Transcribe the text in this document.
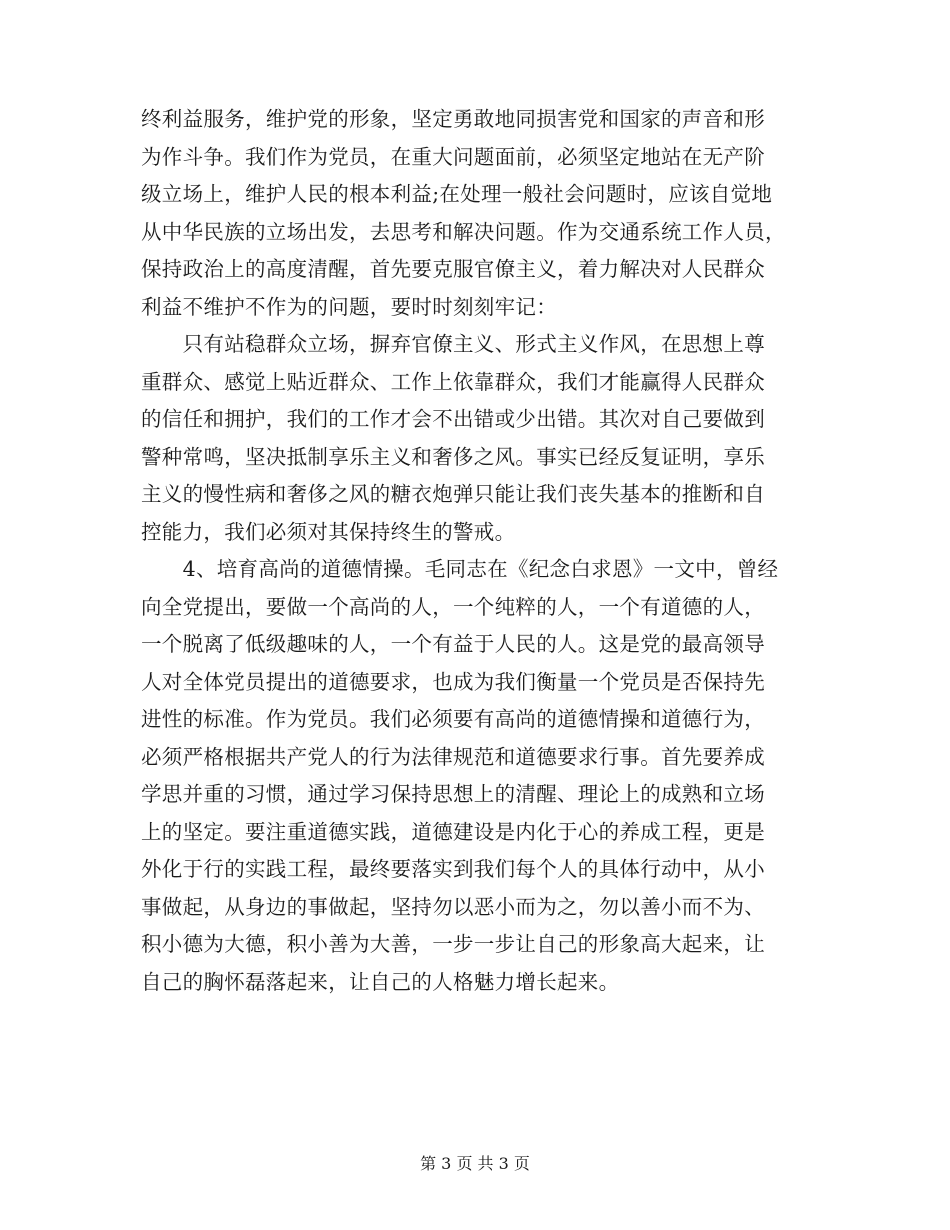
终利益服务，维护党的形象，坚定勇敢地同损害党和国家的声音和形
为作斗争。我们作为党员，在重大问题面前，必须坚定地站在无产阶
级立场上，维护人民的根本利益;在处理一般社会问题时，应该自觉地
从中华民族的立场出发，去思考和解决问题。作为交通系统工作人员，
保持政治上的高度清醒，首先要克服官僚主义，着力解决对人民群众
利益不维护不作为的问题，要时时刻刻牢记：
　　只有站稳群众立场，摒弃官僚主义、形式主义作风，在思想上尊
重群众、感觉上贴近群众、工作上依靠群众，我们才能赢得人民群众
的信任和拥护，我们的工作才会不出错或少出错。其次对自己要做到
警种常鸣，坚决抵制享乐主义和奢侈之风。事实已经反复证明，享乐
主义的慢性病和奢侈之风的糖衣炮弹只能让我们丧失基本的推断和自
控能力，我们必须对其保持终生的警戒。
　　4、培育高尚的道德情操。毛同志在《纪念白求恩》一文中，曾经
向全党提出，要做一个高尚的人，一个纯粹的人，一个有道德的人，
一个脱离了低级趣味的人，一个有益于人民的人。这是党的最高领导
人对全体党员提出的道德要求，也成为我们衡量一个党员是否保持先
进性的标准。作为党员。我们必须要有高尚的道德情操和道德行为，
必须严格根据共产党人的行为法律规范和道德要求行事。首先要养成
学思并重的习惯，通过学习保持思想上的清醒、理论上的成熟和立场
上的坚定。要注重道德实践，道德建设是内化于心的养成工程，更是
外化于行的实践工程，最终要落实到我们每个人的具体行动中，从小
事做起，从身边的事做起，坚持勿以恶小而为之，勿以善小而不为、
积小德为大德，积小善为大善，一步一步让自己的形象高大起来，让
自己的胸怀磊落起来，让自己的人格魅力增长起来。
第 3 页 共 3 页
